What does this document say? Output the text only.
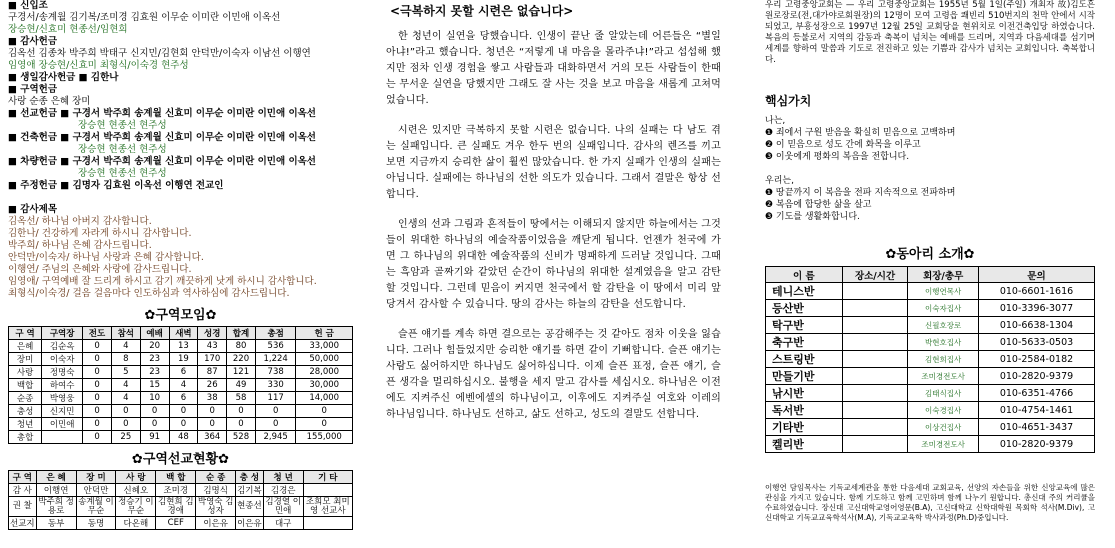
■ 신입조
구경서/송계월 김기복/조미경 김효원 이무순 이미란 이민애 이옥선
장승현/신효미 현종선/임현희
■ 감사헌금
김옥선 김종차 박주희 박태구 신지민/김현회 안덕만/이숙자 이남선 이행연
임영애 장승현/신효미 최형식/이숙경 현주성
■ 생일감사헌금 ■ 김한나
■ 구역헌금
사랑 순종 은혜 장미
■ 선교헌금 ■ 구경서 박주희 송계월 신효미 이무순 이미란 이민애 이옥선
장승현 현종선 현주성
■ 건축헌금 ■ 구경서 박주희 송계월 신효미 이무순 이미란 이민애 이옥선
장승현 현종선 현주성
■ 차량헌금 ■ 구경서 박주희 송계월 신효미 이무순 이미란 이민애 이옥선
장승현 현종선 현주성
■ 주정헌금 ■ 김명자 김효원 이옥선 이행연 전교인

■ 감사제목
김옥선/ 하나님 아버지 감사합니다.
김한나/ 건강하게 자라게 하시니 감사합니다.
박주희/ 하나님 은혜 감사드립니다.
안덕만/이숙자/ 하나님 사랑과 은혜 감사합니다.
이행연/ 주님의 은혜와 사랑에 감사드립니다.
임영애/ 구역예배 잘 드리게 하시고 감기 깨끗하게 낫게 하시니 감사합니다.
최형식/이숙경/ 걸음 걸음마다 인도하심과 역사하심에 감사드립니다.
✿구역모임✿
구 역	구역장	전도	참석	예배	새벽	성경	합계	총점	헌 금
은혜	김순옥	0	4	20	13	43	80	536	33,000
장미	이숙자	0	8	23	19	170	220	1,224	50,000
사랑	정명숙	0	5	23	6	87	121	738	28,000
백합	하여수	0	4	15	4	26	49	330	30,000
순종	박영웅	0	4	10	6	38	58	117	14,000
충성	신지민	0	0	0	0	0	0	0	0
청년	이민애	0	0	0	0	0	0	0	0
총합		0	25	91	48	364	528	2,945	155,000
✿구역선교현황✿
구 역	은 혜	장 미	사 랑	백 합	순 종	충 성	청 년	기 타
감 사	이행연	안덕만	신혜오	조미경	김명식	김기복	김경은	
권 찰	박주희 정용로	송계월 이무순	정승기 이무순	김현희 김경애	박영숙 김성자	현종선	김경열 이민애	조희모 최미영 선교사
선교지	동부	동명	다온해	CEF	이은유	이은유	대구	
<극복하지 못할 시련은 없습니다>

한 청년이 실연을 당했습니다. 인생이 끝난 줄 알았는데 어른들은 “별일 아냐!”라고 했습니다. 청년은 “저렇게 내 마음을 몰라주냐!”라고 섭섭해 했지만 점차 인생 경험을 쌓고 사람들과 대화하면서 거의 모든 사람들이 한때는 무서운 실연을 당했지만 그래도 잘 사는 것을 보고 마음을 새롭게 고쳐먹었습니다.

시련은 있지만 극복하지 못할 시련은 없습니다. 나의 실패는 다 남도 겪는 실패입니다. 큰 실패도 겨우 한두 번의 실패입니다. 감사의 렌즈를 끼고 보면 지금까지 승리한 삶이 훨씬 많았습니다. 한 가지 실패가 인생의 실패는 아닙니다. 실패에는 하나님의 선한 의도가 있습니다. 그래서 결말은 항상 선합니다.

인생의 선과 그림과 흔적들이 땅에서는 이해되지 않지만 하늘에서는 그것들이 위대한 하나님의 예술작품이었음을 깨닫게 됩니다. 언젠가 천국에 가면 그 하나님의 위대한 예술작품의 신비가 명패하게 드러날 것입니다. 그때는 흑암과 골짜기와 같았던 순간이 하나님의 위대한 설계였음을 알고 감탄할 것입니다. 그런데 믿음이 커지면 천국에서 할 감탄을 이 땅에서 미리 앞당겨서 감사할 수 있습니다. 땅의 감사는 하늘의 감탄을 선도합니다.

슬픈 얘기를 계속 하면 결으로는 공감해주는 것 같아도 점차 이웃을 잃습니다. 그러나 힘들었지만 승리한 얘기를 하면 같이 기뻐합니다. 슬픈 얘기는 사람도 싫어하지만 하나님도 싫어하십니다. 이제 슬픈 표정, 슬픈 얘기, 슬픈 생각을 멀리하십시오. 불행을 세지 말고 감사를 세십시오. 하나님은 이전에도 지켜주신 에벤에셀의 하나님이고, 이후에도 지켜주실 여호와 이레의 하나님입니다. 하나님도 선하고, 삶도 선하고, 성도의 결말도 선합니다.

우리 고령중앙교회는 — 우리 고령중앙교회는 1955년 5월 1일(주일) 개최자 故)김도흔원로장로(전,대가야로회원장)의 12명이 모여 고령읍 쾌빈리 510번지의 천막 안에서 시작되었고, 부흥성장으로 1997년 12월 25일 교회당을 현위치로 이전건축입당 하였습니다. 복음의 등불로서 지역의 감동과 축복이 넘치는 예배를 드리며, 지역과 다음세대를 섬기며 세계를 향하여 말씀과 기도로 전진하고 있는 기쁨과 감사가 넘치는 교회입니다. 축복합니다.
핵심가치
나는,
❶ 죄에서 구원 받음을 확실히 믿음으로 고백하며
❷ 이 믿음으로 성도 간에 화목을 이루고
❸ 이웃에게 평화의 복음을 전합니다.

우리는,
❶ 땅끝까지 이 복음을 전파 지속적으로 전파하며
❷ 복음에 합당한 삶을 살고
❸ 기도를 생활화합니다.
✿동아리 소개✿
이 름	장소/시간	회장/총무	문의
테니스반		이행연목사	010-6601-1616
등산반		이숙자집사	010-3396-3077
탁구반		신필호장로	010-6638-1304
축구반		박현호집사	010-5633-0503
스트링반		김현희집사	010-2584-0182
만들기반		조미경전도사	010-2820-9379
낚시반		김태식집사	010-6351-4766
독서반		이숙경집사	010-4754-1461
기타반		이상건집사	010-4651-3437
켈리반		조미경전도사	010-2820-9379
이행연 담임목사는 기독교세계관을 통한 다음세대 교회교육, 선양의 자손들을 위한 신앙교육에 많은 관심을 가지고 있습니다. 함께 기도하고 함께 고민하며 함께 나누기 원합니다. 총신대 주의 커리큘을 수료하였습니다. 장신대 고신대학교영어영문(B.A), 고신대학교 신학대학원 목회학 석사(M.Div), 고신대학교 기독교교육학석사(M.A), 기독교교육학 박사과정(Ph.D)중입니다.
